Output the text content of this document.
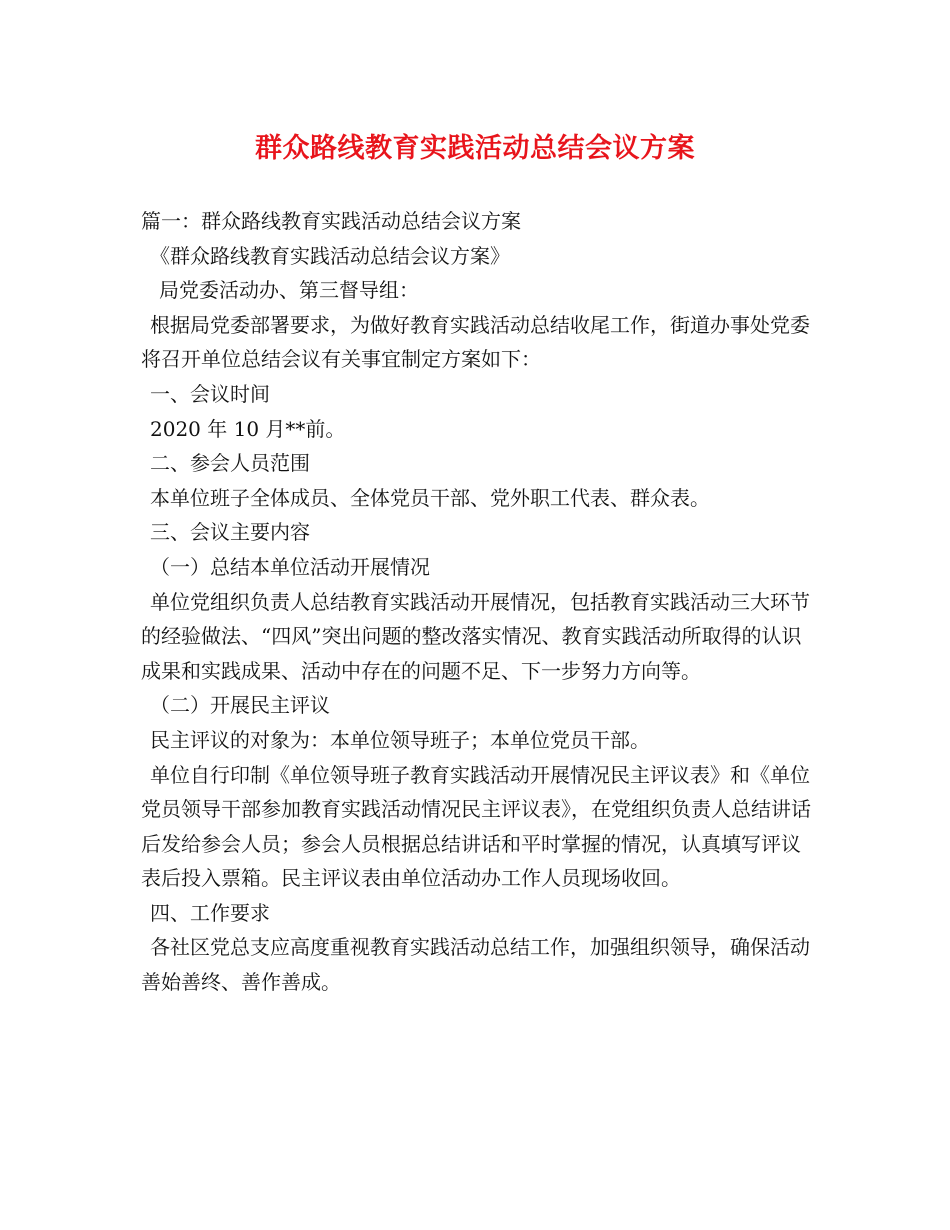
群众路线教育实践活动总结会议方案

篇一：群众路线教育实践活动总结会议方案

《群众路线教育实践活动总结会议方案》

局党委活动办、第三督导组：

根据局党委部署要求，为做好教育实践活动总结收尾工作，街道办事处党委将召开单位总结会议有关事宜制定方案如下：

一、会议时间

2020 年 10 月**前。

二、参会人员范围

本单位班子全体成员、全体党员干部、党外职工代表、群众表。

三、会议主要内容

（一）总结本单位活动开展情况

单位党组织负责人总结教育实践活动开展情况，包括教育实践活动三大环节的经验做法、“四风”突出问题的整改落实情况、教育实践活动所取得的认识成果和实践成果、活动中存在的问题不足、下一步努力方向等。

（二）开展民主评议

民主评议的对象为：本单位领导班子；本单位党员干部。

单位自行印制《单位领导班子教育实践活动开展情况民主评议表》和《单位党员领导干部参加教育实践活动情况民主评议表》，在党组织负责人总结讲话后发给参会人员；参会人员根据总结讲话和平时掌握的情况，认真填写评议表后投入票箱。民主评议表由单位活动办工作人员现场收回。

四、工作要求

各社区党总支应高度重视教育实践活动总结工作，加强组织领导，确保活动善始善终、善作善成。
